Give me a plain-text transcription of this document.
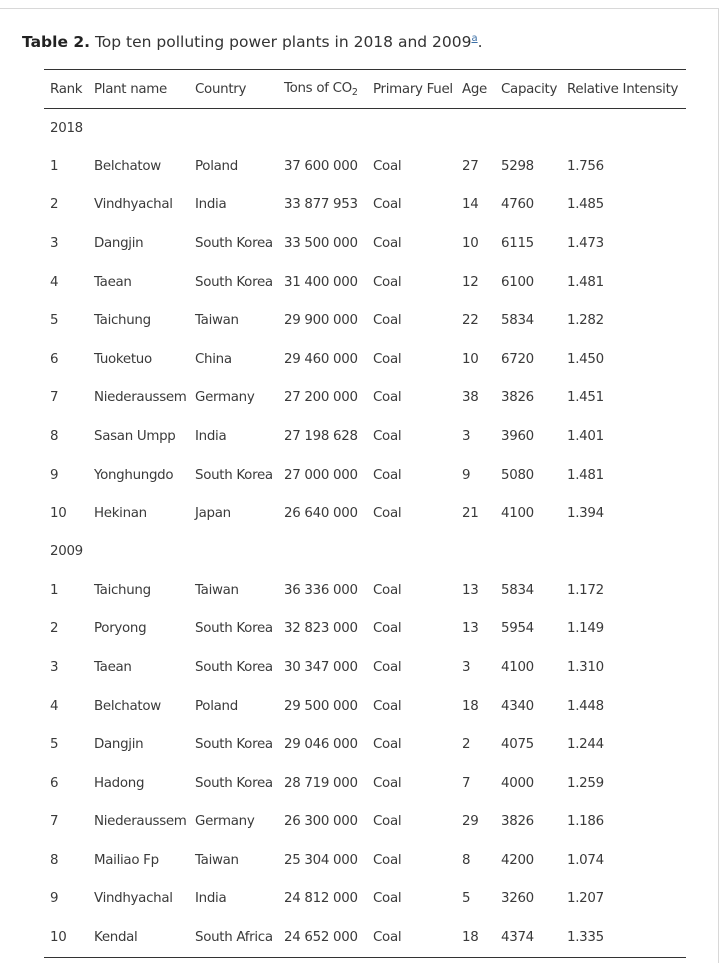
Table 2. Top ten polluting power plants in 2018 and 2009$^a$.
2018							
Rank	Plant name	Country	Tons of $CO_2$	Primary Fuel	Age	Capacity	Relative Intensity
1	Belchatow	Poland	37 600 000	Coal	27	5298	1.756
2	Vindhyachal	India	33 877 953	Coal	14	4760	1.485
3	Dangjin	South Korea	33 500 000	Coal	10	6115	1.473
4	Taean	South Korea	31 400 000	Coal	12	6100	1.481
5	Taichung	Taiwan	29 900 000	Coal	22	5834	1.282
6	Tuoketuo	China	29 460 000	Coal	10	6720	1.450
7	Niederaussem	Germany	27 200 000	Coal	38	3826	1.451
8	Sasan Umpp	India	27 198 628	Coal	3	3960	1.401
9	Yonghungdo	South Korea	27 000 000	Coal	9	5080	1.481
10	Hekinan	Japan	26 640 000	Coal	21	4100	1.394
2009							
1	Taichung	Taiwan	36 336 000	Coal	13	5834	1.172
2	Poryong	South Korea	32 823 000	Coal	13	5954	1.149
3	Taean	South Korea	30 347 000	Coal	3	4100	1.310
4	Belchatow	Poland	29 500 000	Coal	18	4340	1.448
5	Dangjin	South Korea	29 046 000	Coal	2	4075	1.244
6	Hadong	South Korea	28 719 000	Coal	7	4000	1.259
7	Niederaussem	Germany	26 300 000	Coal	29	3826	1.186
8	Mailiao Fp	Taiwan	25 304 000	Coal	8	4200	1.074
9	Vindhyachal	India	24 812 000	Coal	5	3260	1.207
10	Kendal	South Africa	24 652 000	Coal	18	4374	1.335
